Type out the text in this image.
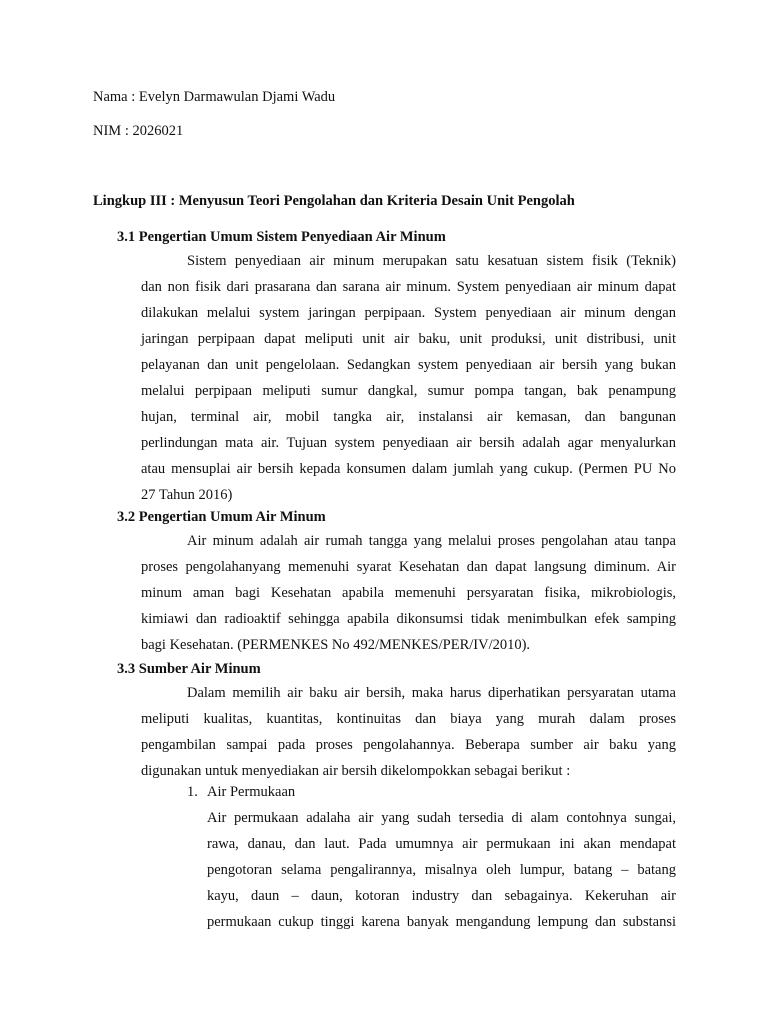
Nama : Evelyn Darmawulan Djami Wadu
NIM : 2026021
Lingkup III : Menyusun Teori Pengolahan dan Kriteria Desain Unit Pengolah
3.1 Pengertian Umum Sistem Penyediaan Air Minum
Sistem penyediaan air minum merupakan satu kesatuan sistem fisik (Teknik)
dan non fisik dari prasarana dan sarana air minum. System penyediaan air minum dapat
dilakukan melalui system jaringan perpipaan. System penyediaan air minum dengan
jaringan perpipaan dapat meliputi unit air baku, unit produksi, unit distribusi, unit
pelayanan dan unit pengelolaan. Sedangkan system penyediaan air bersih yang bukan
melalui perpipaan meliputi sumur dangkal, sumur pompa tangan, bak penampung
hujan, terminal air, mobil tangka air, instalansi air kemasan, dan bangunan
perlindungan mata air. Tujuan system penyediaan air bersih adalah agar menyalurkan
atau mensuplai air bersih kepada konsumen dalam jumlah yang cukup. (Permen PU No
27 Tahun 2016)
3.2 Pengertian Umum Air Minum
Air minum adalah air rumah tangga yang melalui proses pengolahan atau tanpa
proses pengolahanyang memenuhi syarat Kesehatan dan dapat langsung diminum. Air
minum aman bagi Kesehatan apabila memenuhi persyaratan fisika, mikrobiologis,
kimiawi dan radioaktif sehingga apabila dikonsumsi tidak menimbulkan efek samping
bagi Kesehatan. (PERMENKES No 492/MENKES/PER/IV/2010).
3.3 Sumber Air Minum
Dalam memilih air baku air bersih, maka harus diperhatikan persyaratan utama
meliputi kualitas, kuantitas, kontinuitas dan biaya yang murah dalam proses
pengambilan sampai pada proses pengolahannya. Beberapa sumber air baku yang
digunakan untuk menyediakan air bersih dikelompokkan sebagai berikut :
1. Air Permukaan
Air permukaan adalaha air yang sudah tersedia di alam contohnya sungai,
rawa, danau, dan laut. Pada umumnya air permukaan ini akan mendapat
pengotoran selama pengalirannya, misalnya oleh lumpur, batang – batang
kayu, daun – daun, kotoran industry dan sebagainya. Kekeruhan air
permukaan cukup tinggi karena banyak mengandung lempung dan substansi
